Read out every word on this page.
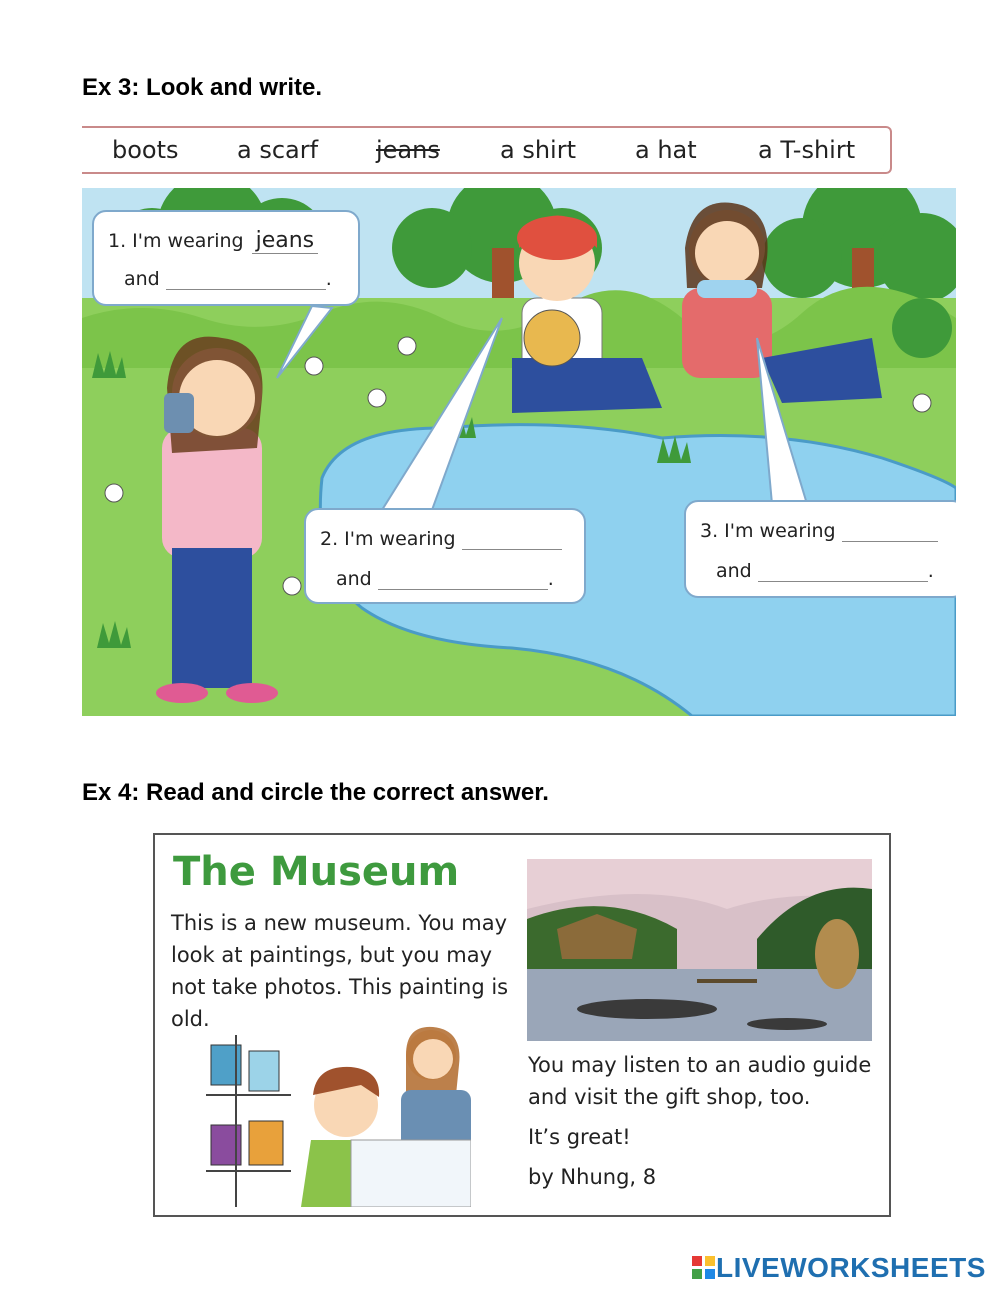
Ex 3: Look and write.
boots a scarf jeans	a shirt a hat	a T-shirt
1. I'm wearing jeans
and	.
2. I'm wearing
and	.
3. I'm wearing
and	.
Ex 4: Read and circle the correct answer.
The Museum
This is a new museum. You may look at paintings, but you may not take photos. This painting is old.

You may listen to an audio guide and visit the gift shop, too.

It’s great!

by Nhung, 8

LIVEWORKSHEETS
